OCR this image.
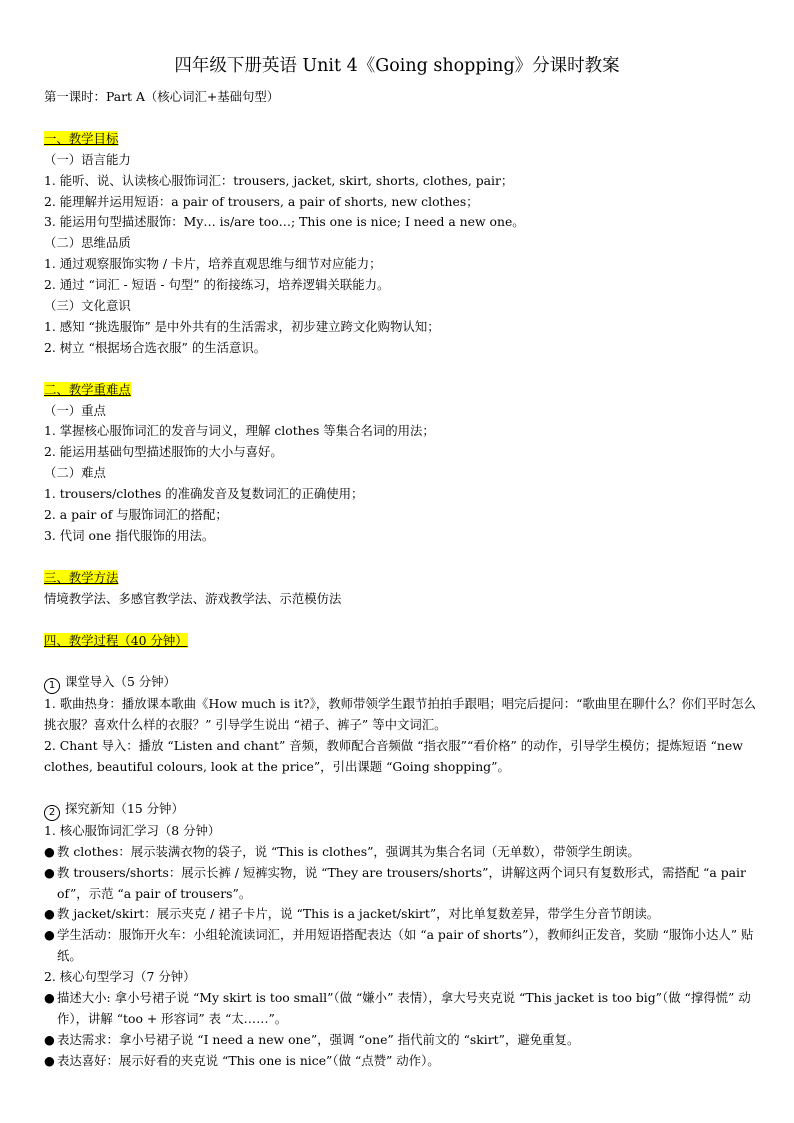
四年级下册英语 Unit 4《Going shopping》分课时教案
第一课时：Part A（核心词汇+基础句型）
一、教学目标
（一）语言能力
1. 能听、说、认读核心服饰词汇：trousers, jacket, skirt, shorts, clothes, pair；
2. 能理解并运用短语：a pair of trousers, a pair of shorts, new clothes；
3. 能运用句型描述服饰：My… is/are too…; This one is nice; I need a new one。
（二）思维品质
1. 通过观察服饰实物 / 卡片，培养直观思维与细节对应能力；
2. 通过 “词汇 - 短语 - 句型” 的衔接练习，培养逻辑关联能力。
（三）文化意识
1. 感知 “挑选服饰” 是中外共有的生活需求，初步建立跨文化购物认知；
2. 树立 “根据场合选衣服” 的生活意识。
二、教学重难点
（一）重点
1. 掌握核心服饰词汇的发音与词义，理解 clothes 等集合名词的用法；
2. 能运用基础句型描述服饰的大小与喜好。
（二）难点
1. trousers/clothes 的准确发音及复数词汇的正确使用；
2. a pair of 与服饰词汇的搭配；
3. 代词 one 指代服饰的用法。
三、教学方法
情境教学法、多感官教学法、游戏教学法、示范模仿法
四、教学过程（40 分钟）
1 课堂导入（5 分钟）
1. 歌曲热身：播放课本歌曲《How much is it?》，教师带领学生跟节拍拍手跟唱；唱完后提问：“歌曲里在聊什么？你们平时怎么挑衣服？喜欢什么样的衣服？” 引导学生说出 “裙子、裤子” 等中文词汇。
2. Chant 导入：播放 “Listen and chant” 音频，教师配合音频做 “指衣服”“看价格” 的动作，引导学生模仿；提炼短语 “new clothes, beautiful colours, look at the price”，引出课题 “Going shopping”。
2 探究新知（15 分钟）
1. 核心服饰词汇学习（8 分钟）
● 教 clothes：展示装满衣物的袋子，说 “This is clothes”，强调其为集合名词（无单数），带领学生朗读。
● 教 trousers/shorts：展示长裤 / 短裤实物，说 “They are trousers/shorts”，讲解这两个词只有复数形式，需搭配 “a pair of”，示范 “a pair of trousers”。
● 教 jacket/skirt：展示夹克 / 裙子卡片，说 “This is a jacket/skirt”，对比单复数差异，带学生分音节朗读。
● 学生活动：服饰开火车：小组轮流读词汇，并用短语搭配表达（如 “a pair of shorts”），教师纠正发音，奖励 “服饰小达人” 贴纸。
2. 核心句型学习（7 分钟）
● 描述大小: 拿小号裙子说 “My skirt is too small”（做 “嫌小” 表情），拿大号夹克说 “This jacket is too big”（做 “撑得慌” 动作），讲解 “too + 形容词” 表 “太……”。
● 表达需求：拿小号裙子说 “I need a new one”，强调 “one” 指代前文的 “skirt”，避免重复。
● 表达喜好：展示好看的夹克说 “This one is nice”（做 “点赞” 动作）。
